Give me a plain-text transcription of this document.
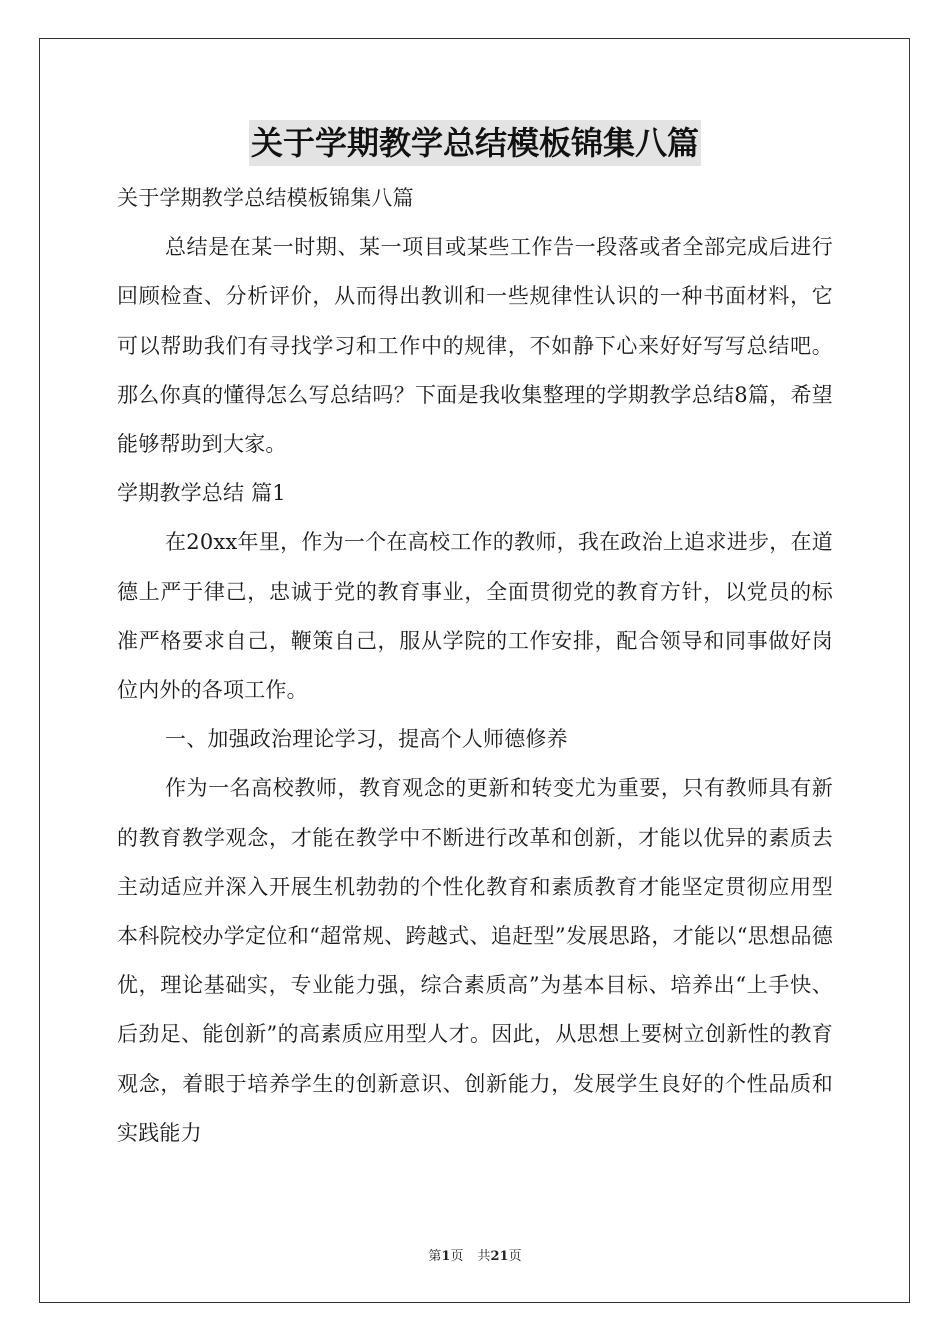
关于学期教学总结模板锦集八篇

关于学期教学总结模板锦集八篇

总结是在某一时期、某一项目或某些工作告一段落或者全部完成后进行回顾检查、分析评价，从而得出教训和一些规律性认识的一种书面材料，它可以帮助我们有寻找学习和工作中的规律，不如静下心来好好写写总结吧。那么你真的懂得怎么写总结吗？下面是我收集整理的学期教学总结8篇，希望能够帮助到大家。

学期教学总结 篇1

在20xx年里，作为一个在高校工作的教师，我在政治上追求进步，在道德上严于律己，忠诚于党的教育事业，全面贯彻党的教育方针，以党员的标准严格要求自己，鞭策自己，服从学院的工作安排，配合领导和同事做好岗位内外的各项工作。

一、加强政治理论学习，提高个人师德修养

作为一名高校教师，教育观念的更新和转变尤为重要，只有教师具有新的教育教学观念，才能在教学中不断进行改革和创新，才能以优异的素质去主动适应并深入开展生机勃勃的个性化教育和素质教育才能坚定贯彻应用型本科院校办学定位和“超常规、跨越式、追赶型”发展思路，才能以“思想品德优，理论基础实，专业能力强，综合素质高”为基本目标、培养出“上手快、后劲足、能创新”的高素质应用型人才。因此，从思想上要树立创新性的教育观念，着眼于培养学生的创新意识、创新能力，发展学生良好的个性品质和实践能力

第1页 共21页
